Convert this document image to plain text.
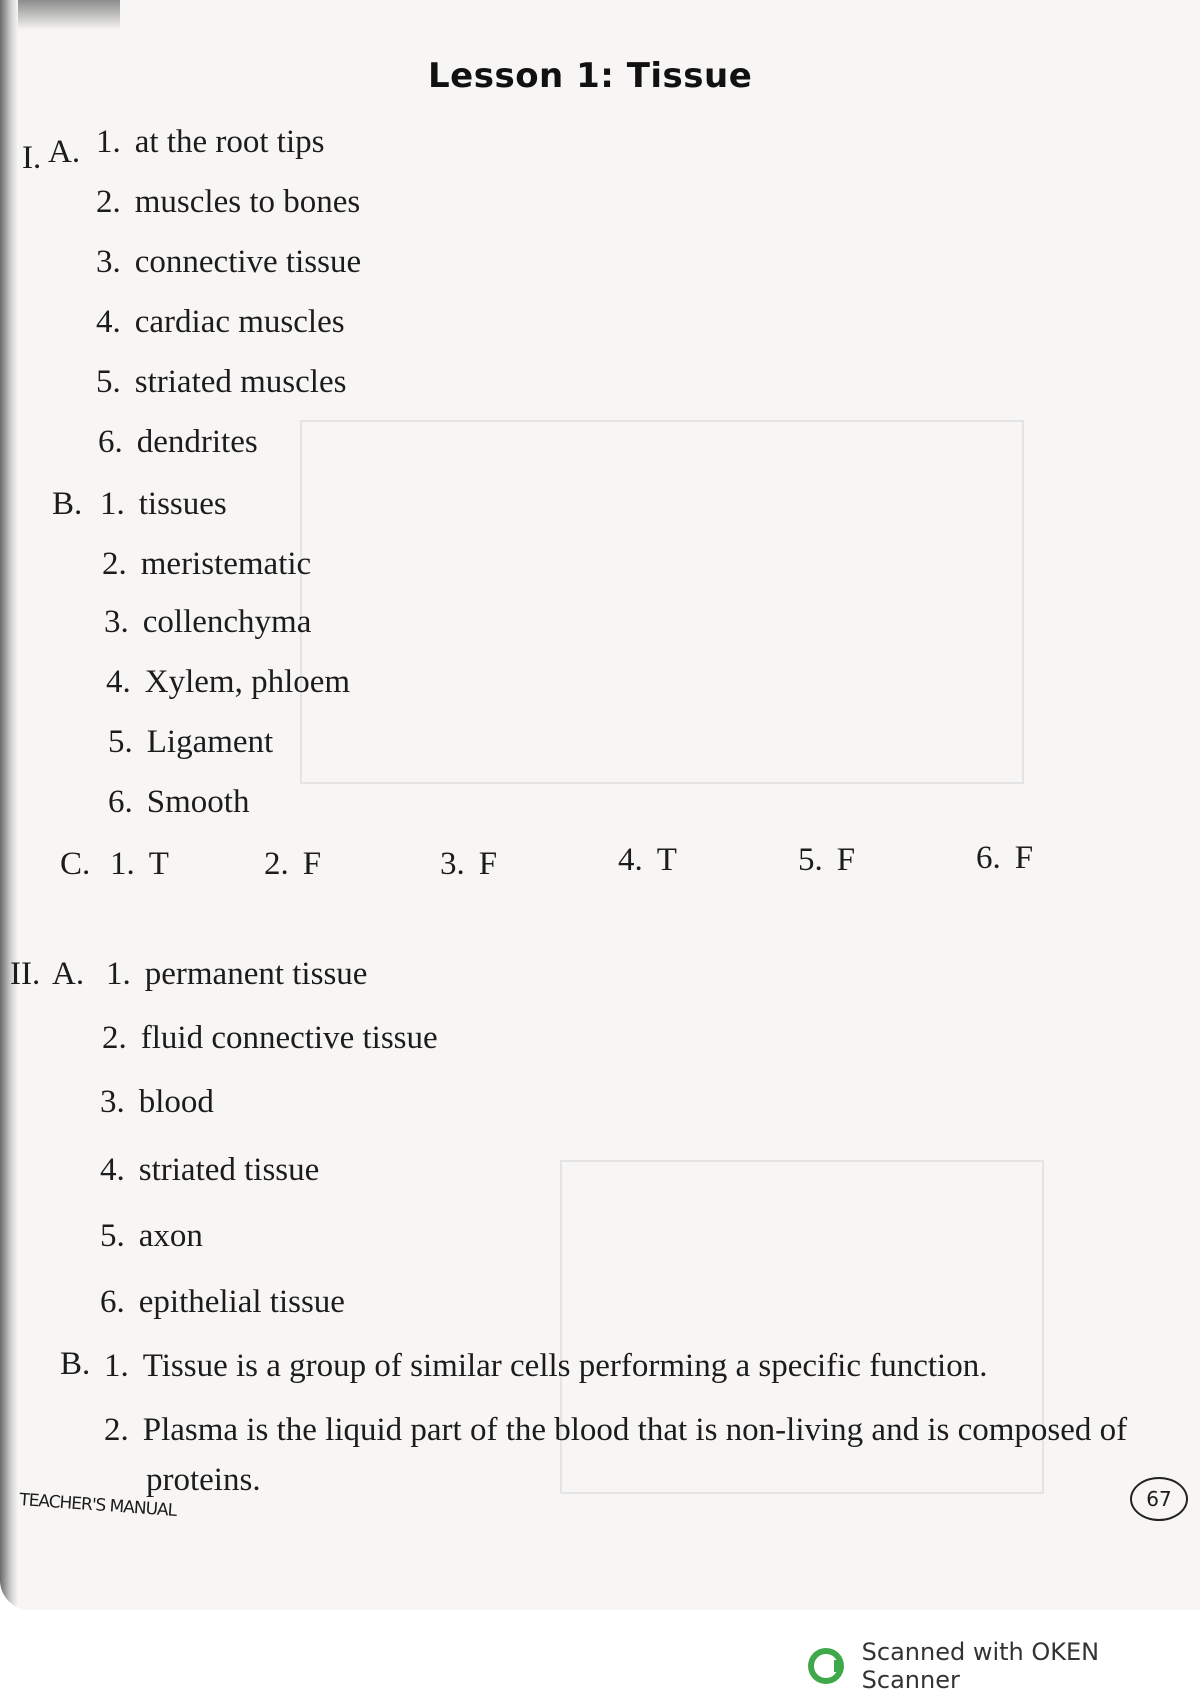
Lesson 1: Tissue
I. A. 1. at the root tips
2. muscles to bones
3. connective tissue
4. cardiac muscles
5. striated muscles
6. dendrites
B. 1. tissues
2. meristematic
3. collenchyma
4. Xylem, phloem
5. Ligament
6. Smooth
C. 1. T	2. F	3. F	4. T	5. F	6. F
II. A. 1. permanent tissue
2. fluid connective tissue
3. blood
4. striated tissue
5. axon
6. epithelial tissue
B. 1. Tissue is a group of similar cells performing a specific function.
2. Plasma is the liquid part of the blood that is non-living and is composed of
proteins.
TEACHER'S MANUAL	67
Scanned with OKEN Scanner
